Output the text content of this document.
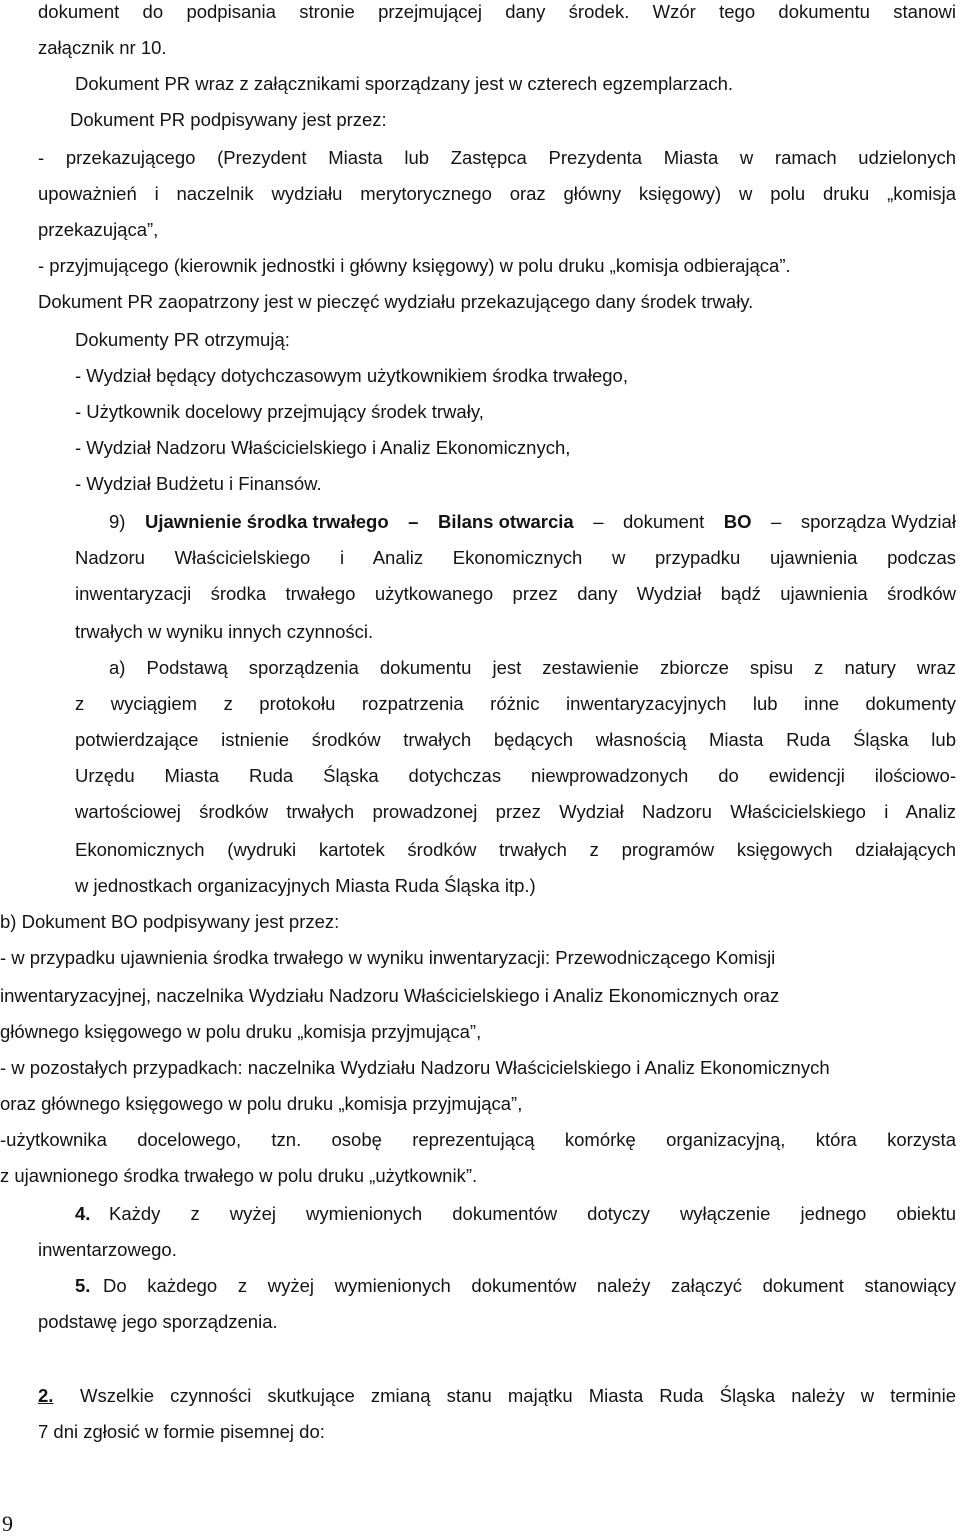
dokument do podpisania stronie przejmującej dany środek. Wzór tego dokumentu stanowi
załącznik nr 10.
Dokument PR wraz z załącznikami sporządzany jest w czterech egzemplarzach.
Dokument PR podpisywany jest przez:
- przekazującego (Prezydent Miasta lub Zastępca Prezydenta Miasta w ramach udzielonych
upoważnień i naczelnik wydziału merytorycznego oraz główny księgowy) w polu druku „komisja
przekazująca”,
- przyjmującego (kierownik jednostki i główny księgowy) w polu druku „komisja odbierająca”.
Dokument PR zaopatrzony jest w pieczęć wydziału przekazującego dany środek trwały.
Dokumenty PR otrzymują:
- Wydział będący dotychczasowym użytkownikiem środka trwałego,
- Użytkownik docelowy przejmujący środek trwały,
- Wydział Nadzoru Właścicielskiego i Analiz Ekonomicznych,
- Wydział Budżetu i Finansów.
9) Ujawnienie środka trwałego – Bilans otwarcia – dokument BO – sporządza Wydział
Nadzoru Właścicielskiego i Analiz Ekonomicznych w przypadku ujawnienia podczas
inwentaryzacji środka trwałego użytkowanego przez dany Wydział bądź ujawnienia środków
trwałych w wyniku innych czynności.
a) Podstawą sporządzenia dokumentu jest zestawienie zbiorcze spisu z natury wraz
z wyciągiem z protokołu rozpatrzenia różnic inwentaryzacyjnych lub inne dokumenty
potwierdzające istnienie środków trwałych będących własnością Miasta Ruda Śląska lub
Urzędu Miasta Ruda Śląska dotychczas niewprowadzonych do ewidencji ilościowo-
wartościowej środków trwałych prowadzonej przez Wydział Nadzoru Właścicielskiego i Analiz
Ekonomicznych (wydruki kartotek środków trwałych z programów księgowych działających
w jednostkach organizacyjnych Miasta Ruda Śląska itp.)
b) Dokument BO podpisywany jest przez:
- w przypadku ujawnienia środka trwałego w wyniku inwentaryzacji: Przewodniczącego Komisji
inwentaryzacyjnej, naczelnika Wydziału Nadzoru Właścicielskiego i Analiz Ekonomicznych oraz
głównego księgowego w polu druku „komisja przyjmująca”,
- w pozostałych przypadkach: naczelnika Wydziału Nadzoru Właścicielskiego i Analiz Ekonomicznych
oraz głównego księgowego w polu druku „komisja przyjmująca”,
-użytkownika docelowego, tzn. osobę reprezentującą komórkę organizacyjną, która korzysta
z ujawnionego środka trwałego w polu druku „użytkownik”.
4.	Każdy z wyżej wymienionych dokumentów dotyczy wyłączenie jednego obiektu
inwentarzowego.
5. Do każdego z wyżej wymienionych dokumentów należy załączyć dokument stanowiący
podstawę jego sporządzenia.
2.	Wszelkie czynności skutkujące zmianą stanu majątku Miasta Ruda Śląska należy w terminie
7 dni zgłosić w formie pisemnej do:
9
